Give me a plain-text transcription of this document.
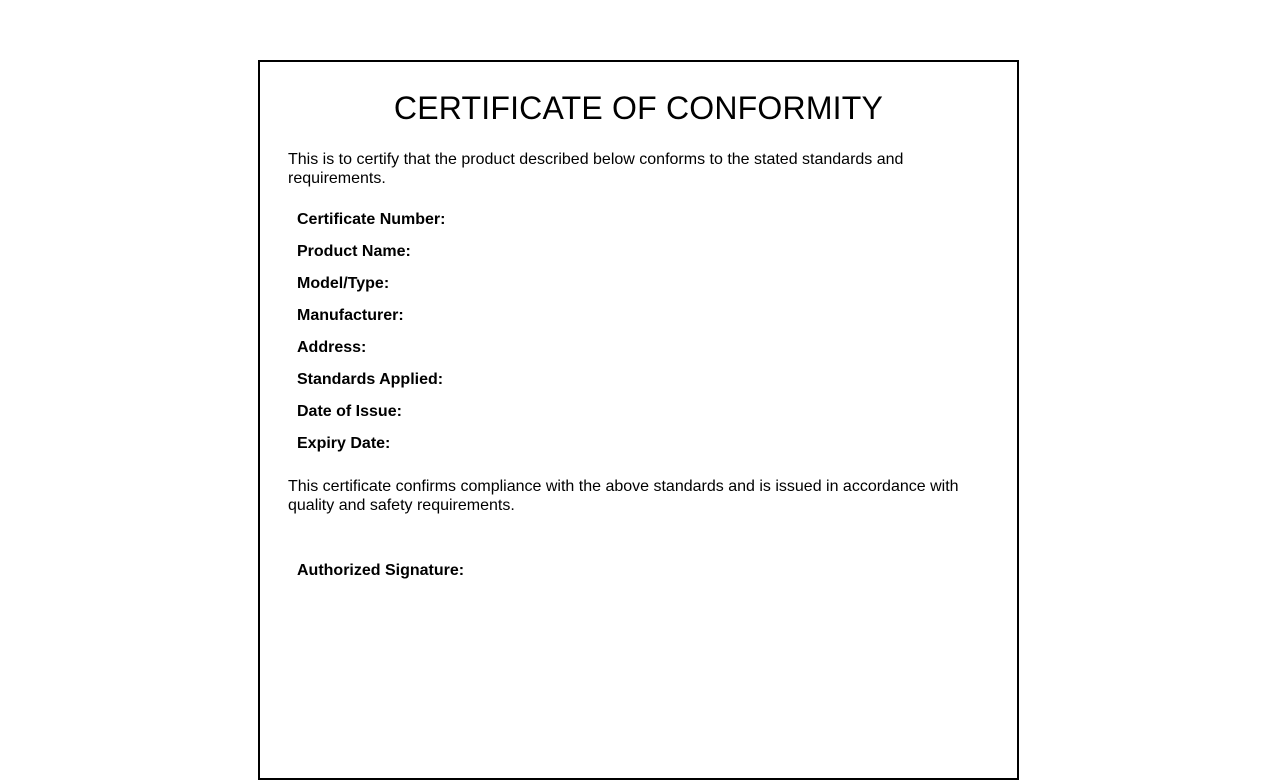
CERTIFICATE OF CONFORMITY

This is to certify that the product described below conforms to the stated standards and requirements.

Certificate Number:
Product Name:
Model/Type:
Manufacturer:
Address:
Standards Applied:
Date of Issue:
Expiry Date:

This certificate confirms compliance with the above standards and is issued in accordance with quality and safety requirements.

Authorized Signature:
